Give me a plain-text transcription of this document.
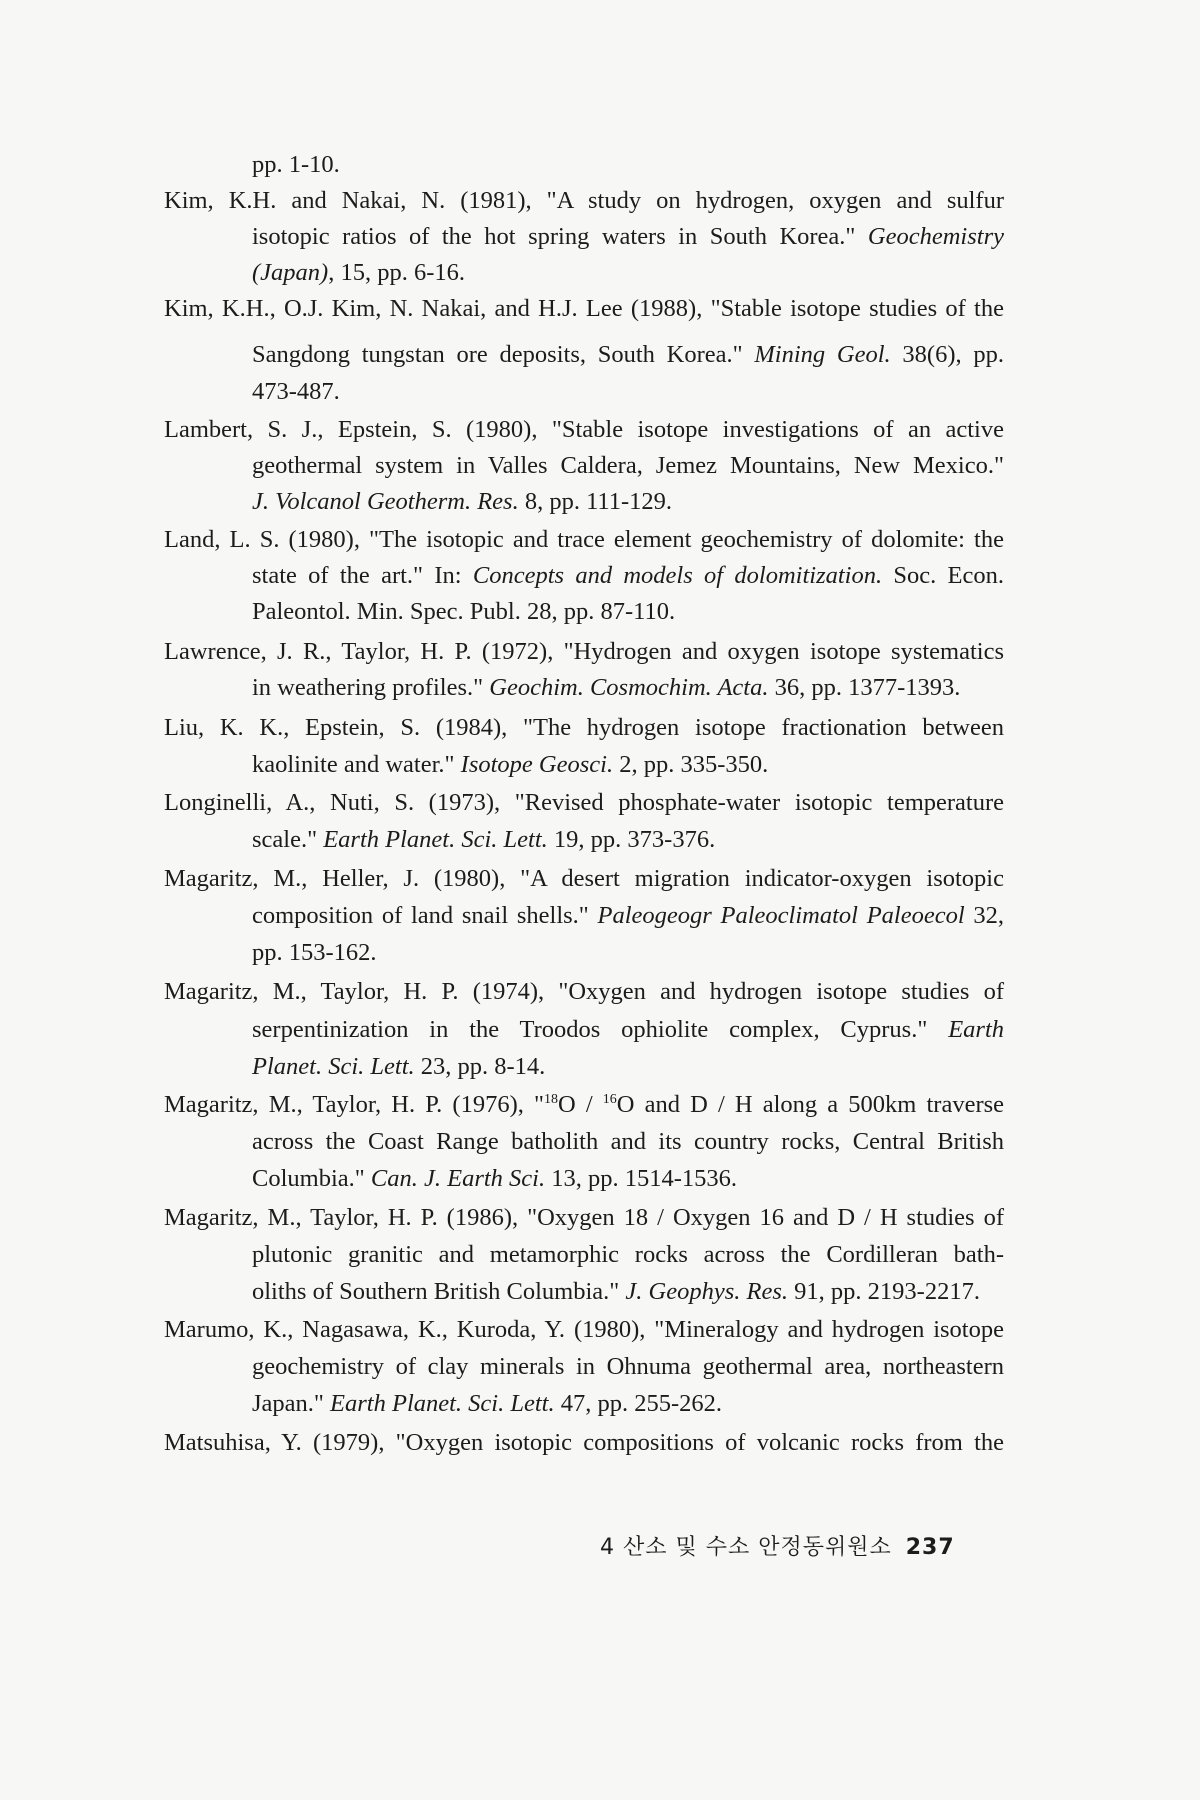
pp. 1-10.
Kim, K.H. and Nakai, N. (1981), "A study on hydrogen, oxygen and sulfur
isotopic ratios of the hot spring waters in South Korea." Geochemistry
(Japan), 15, pp. 6-16.
Kim, K.H., O.J. Kim, N. Nakai, and H.J. Lee (1988), "Stable isotope studies of the
Sangdong tungstan ore deposits, South Korea." Mining Geol. 38(6), pp.
473-487.
Lambert, S. J., Epstein, S. (1980), "Stable isotope investigations of an active
geothermal system in Valles Caldera, Jemez Mountains, New Mexico."
J. Volcanol Geotherm. Res. 8, pp. 111-129.
Land, L. S. (1980), "The isotopic and trace element geochemistry of dolomite: the
state of the art." In: Concepts and models of dolomitization. Soc. Econ.
Paleontol. Min. Spec. Publ. 28, pp. 87-110.
Lawrence, J. R., Taylor, H. P. (1972), "Hydrogen and oxygen isotope systematics
in weathering profiles." Geochim. Cosmochim. Acta. 36, pp. 1377-1393.
Liu, K. K., Epstein, S. (1984), "The hydrogen isotope fractionation between
kaolinite and water." Isotope Geosci. 2, pp. 335-350.
Longinelli, A., Nuti, S. (1973), "Revised phosphate-water isotopic temperature
scale." Earth Planet. Sci. Lett. 19, pp. 373-376.
Magaritz, M., Heller, J. (1980), "A desert migration indicator-oxygen isotopic
composition of land snail shells." Paleogeogr Paleoclimatol Paleoecol 32,
pp. 153-162.
Magaritz, M., Taylor, H. P. (1974), "Oxygen and hydrogen isotope studies of
serpentinization in the Troodos ophiolite complex, Cyprus." Earth
Planet. Sci. Lett. 23, pp. 8-14.
Magaritz, M., Taylor, H. P. (1976), "$^{18}$O / $^{16}$O and D / H along a 500km traverse
across the Coast Range batholith and its country rocks, Central British
Columbia." Can. J. Earth Sci. 13, pp. 1514-1536.
Magaritz, M., Taylor, H. P. (1986), "Oxygen 18 / Oxygen 16 and D / H studies of
plutonic granitic and metamorphic rocks across the Cordilleran bath-
oliths of Southern British Columbia." J. Geophys. Res. 91, pp. 2193-2217.
Marumo, K., Nagasawa, K., Kuroda, Y. (1980), "Mineralogy and hydrogen isotope
geochemistry of clay minerals in Ohnuma geothermal area, northeastern
Japan." Earth Planet. Sci. Lett. 47, pp. 255-262.
Matsuhisa, Y. (1979), "Oxygen isotopic compositions of volcanic rocks from the
4 산소 및 수소 안정동위원소 237
